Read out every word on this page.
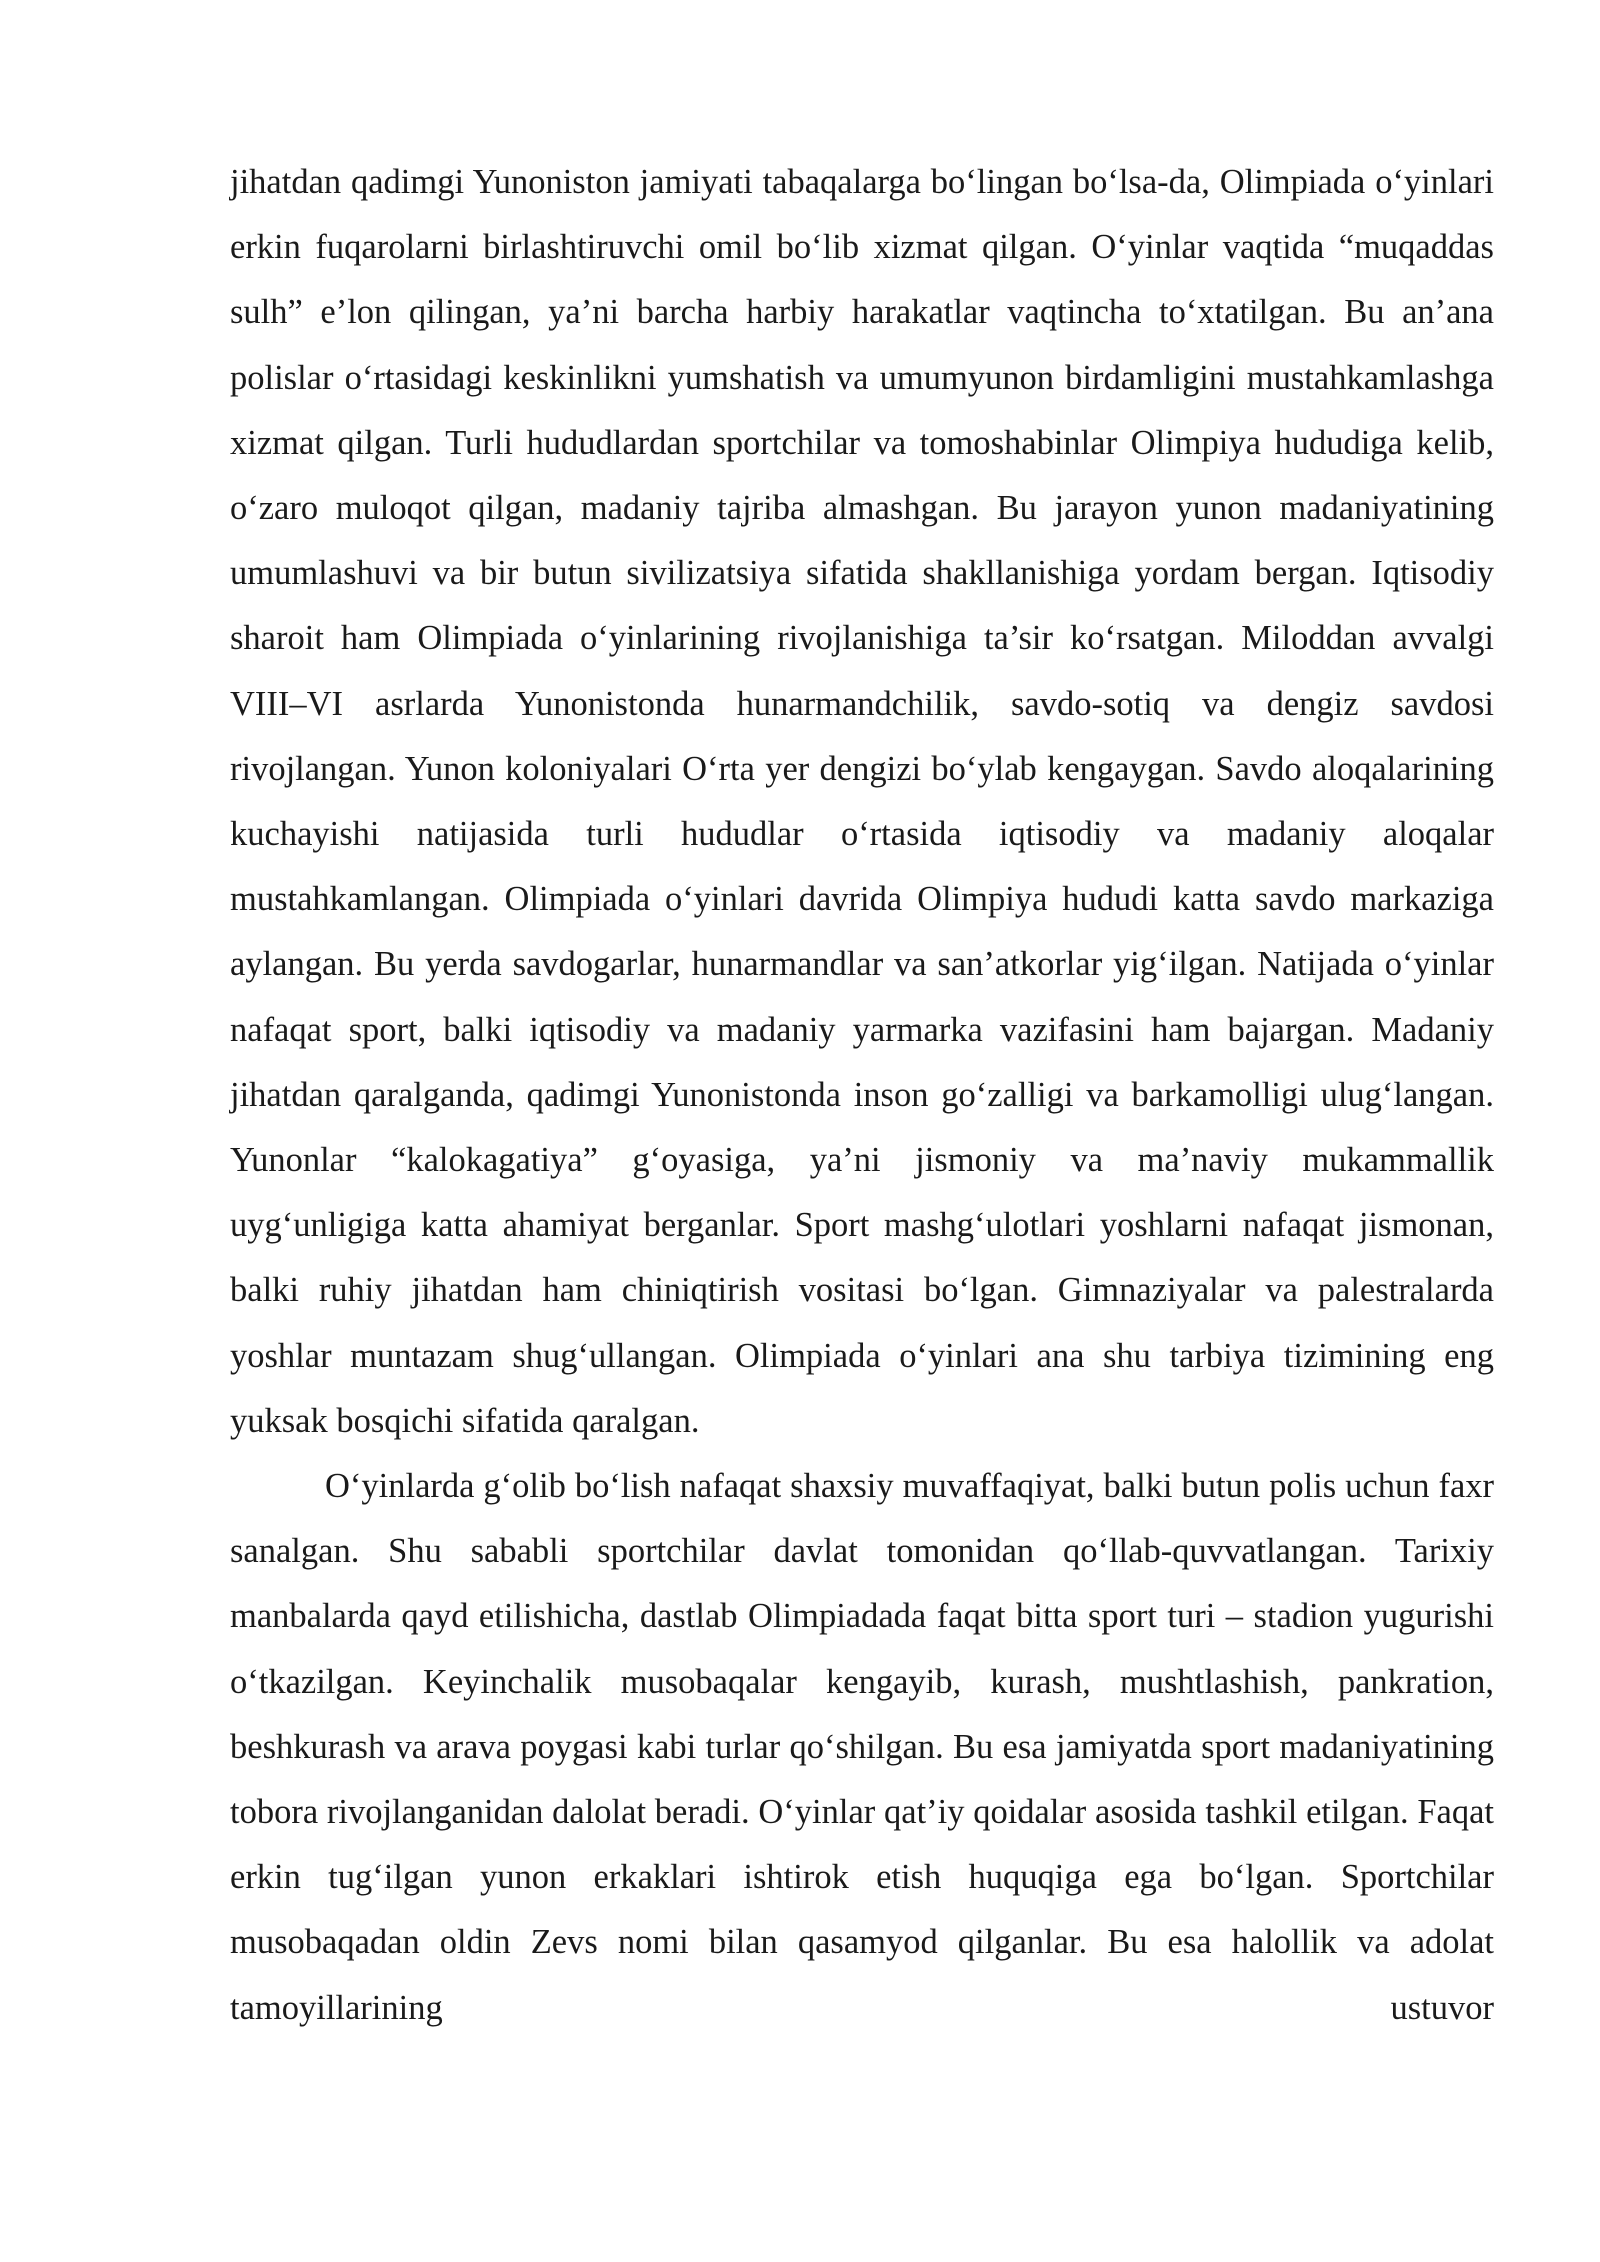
jihatdan qadimgi Yunoniston jamiyati tabaqalarga bo‘lingan bo‘lsa-da, Olimpiada o‘yinlari erkin fuqarolarni birlashtiruvchi omil bo‘lib xizmat qilgan. O‘yinlar vaqtida “muqaddas sulh” e’lon qilingan, ya’ni barcha harbiy harakatlar vaqtincha to‘xtatilgan. Bu an’ana polislar o‘rtasidagi keskinlikni yumshatish va umumyunon birdamligini mustahkamlashga xizmat qilgan. Turli hududlardan sportchilar va tomoshabinlar Olimpiya hududiga kelib, o‘zaro muloqot qilgan, madaniy tajriba almashgan. Bu jarayon yunon madaniyatining umumlashuvi va bir butun sivilizatsiya sifatida shakllanishiga yordam bergan. Iqtisodiy sharoit ham Olimpiada o‘yinlarining rivojlanishiga ta’sir ko‘rsatgan. Miloddan avvalgi VIII–VI asrlarda Yunonistonda hunarmandchilik, savdo-sotiq va dengiz savdosi rivojlangan. Yunon koloniyalari O‘rta yer dengizi bo‘ylab kengaygan. Savdo aloqalarining kuchayishi natijasida turli hududlar o‘rtasida iqtisodiy va madaniy aloqalar mustahkamlangan. Olimpiada o‘yinlari davrida Olimpiya hududi katta savdo markaziga aylangan. Bu yerda savdogarlar, hunarmandlar va san’atkorlar yig‘ilgan. Natijada o‘yinlar nafaqat sport, balki iqtisodiy va madaniy yarmarka vazifasini ham bajargan. Madaniy jihatdan qaralganda, qadimgi Yunonistonda inson go‘zalligi va barkamolligi ulug‘langan. Yunonlar “kalokagatiya” g‘oyasiga, ya’ni jismoniy va ma’naviy mukammallik uyg‘unligiga katta ahamiyat berganlar. Sport mashg‘ulotlari yoshlarni nafaqat jismonan, balki ruhiy jihatdan ham chiniqtirish vositasi bo‘lgan. Gimnaziyalar va palestralarda yoshlar muntazam shug‘ullangan. Olimpiada o‘yinlari ana shu tarbiya tizimining eng yuksak bosqichi sifatida qaralgan.

O‘yinlarda g‘olib bo‘lish nafaqat shaxsiy muvaffaqiyat, balki butun polis uchun faxr sanalgan. Shu sababli sportchilar davlat tomonidan qo‘llab-quvvatlangan. Tarixiy manbalarda qayd etilishicha, dastlab Olimpiadada faqat bitta sport turi – stadion yugurishi o‘tkazilgan. Keyinchalik musobaqalar kengayib, kurash, mushtlashish, pankration, beshkurash va arava poygasi kabi turlar qo‘shilgan. Bu esa jamiyatda sport madaniyatining tobora rivojlanganidan dalolat beradi. O‘yinlar qat’iy qoidalar asosida tashkil etilgan. Faqat erkin tug‘ilgan yunon erkaklari ishtirok etish huquqiga ega bo‘lgan. Sportchilar musobaqadan oldin Zevs nomi bilan qasamyod qilganlar. Bu esa halollik va adolat tamoyillarining ustuvor
